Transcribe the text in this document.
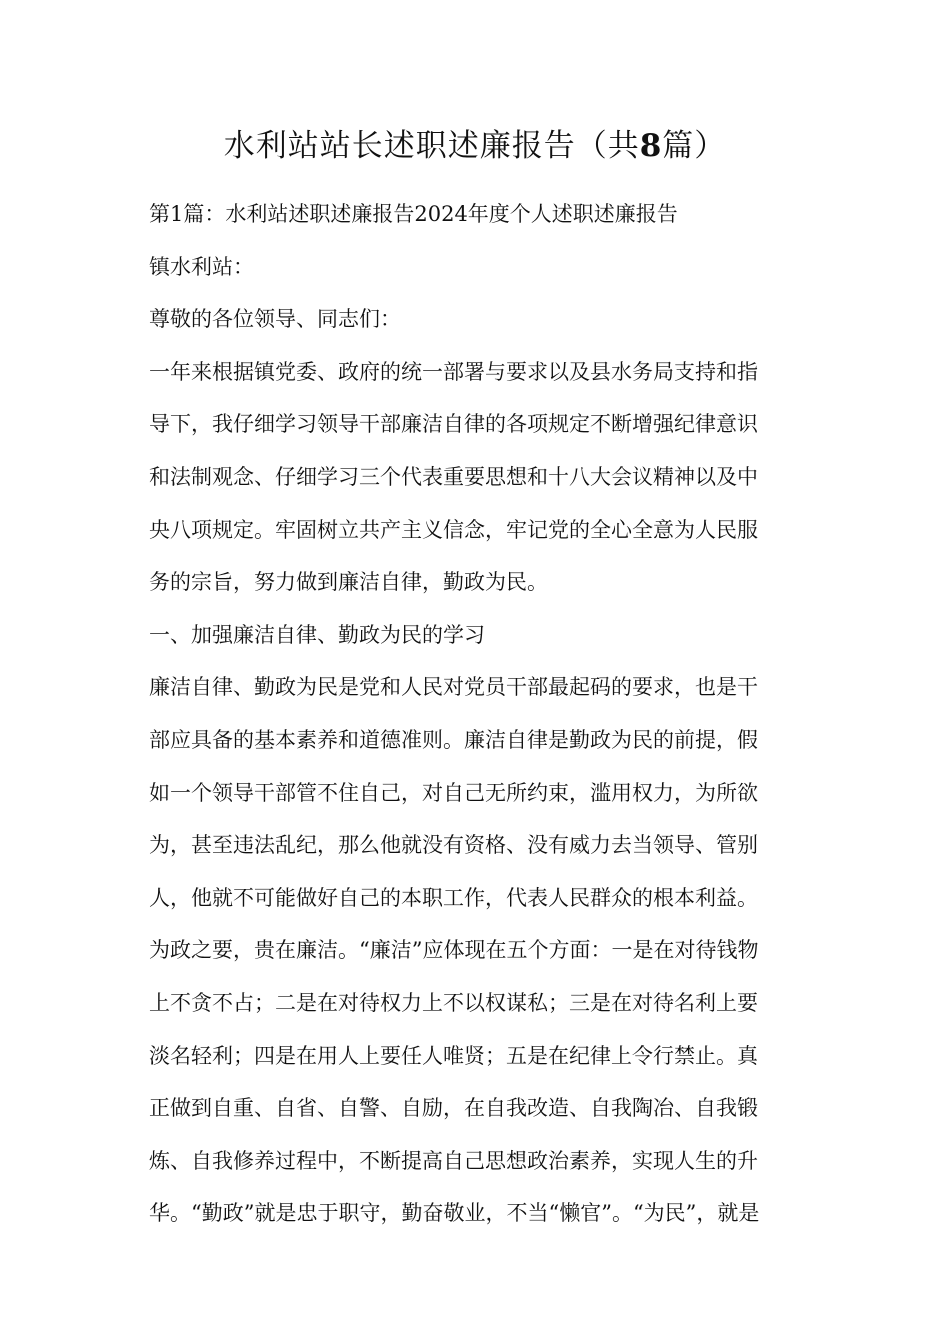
水利站站长述职述廉报告（共8篇）
第1篇：水利站述职述廉报告2024年度个人述职述廉报告
镇水利站：
尊敬的各位领导、同志们：
一年来根据镇党委、政府的统一部署与要求以及县水务局支持和指
导下，我仔细学习领导干部廉洁自律的各项规定不断增强纪律意识
和法制观念、仔细学习三个代表重要思想和十八大会议精神以及中
央八项规定。牢固树立共产主义信念，牢记党的全心全意为人民服
务的宗旨，努力做到廉洁自律，勤政为民。
一、加强廉洁自律、勤政为民的学习
廉洁自律、勤政为民是党和人民对党员干部最起码的要求，也是干
部应具备的基本素养和道德准则。廉洁自律是勤政为民的前提，假
如一个领导干部管不住自己，对自己无所约束，滥用权力，为所欲
为，甚至违法乱纪，那么他就没有资格、没有威力去当领导、管别
人，他就不可能做好自己的本职工作，代表人民群众的根本利益。
为政之要，贵在廉洁。“廉洁”应体现在五个方面：一是在对待钱物
上不贪不占；二是在对待权力上不以权谋私；三是在对待名利上要
淡名轻利；四是在用人上要任人唯贤；五是在纪律上令行禁止。真
正做到自重、自省、自警、自励，在自我改造、自我陶冶、自我锻
炼、自我修养过程中，不断提高自己思想政治素养，实现人生的升
华。“勤政”就是忠于职守，勤奋敬业，不当“懒官”。“为民”，就是
